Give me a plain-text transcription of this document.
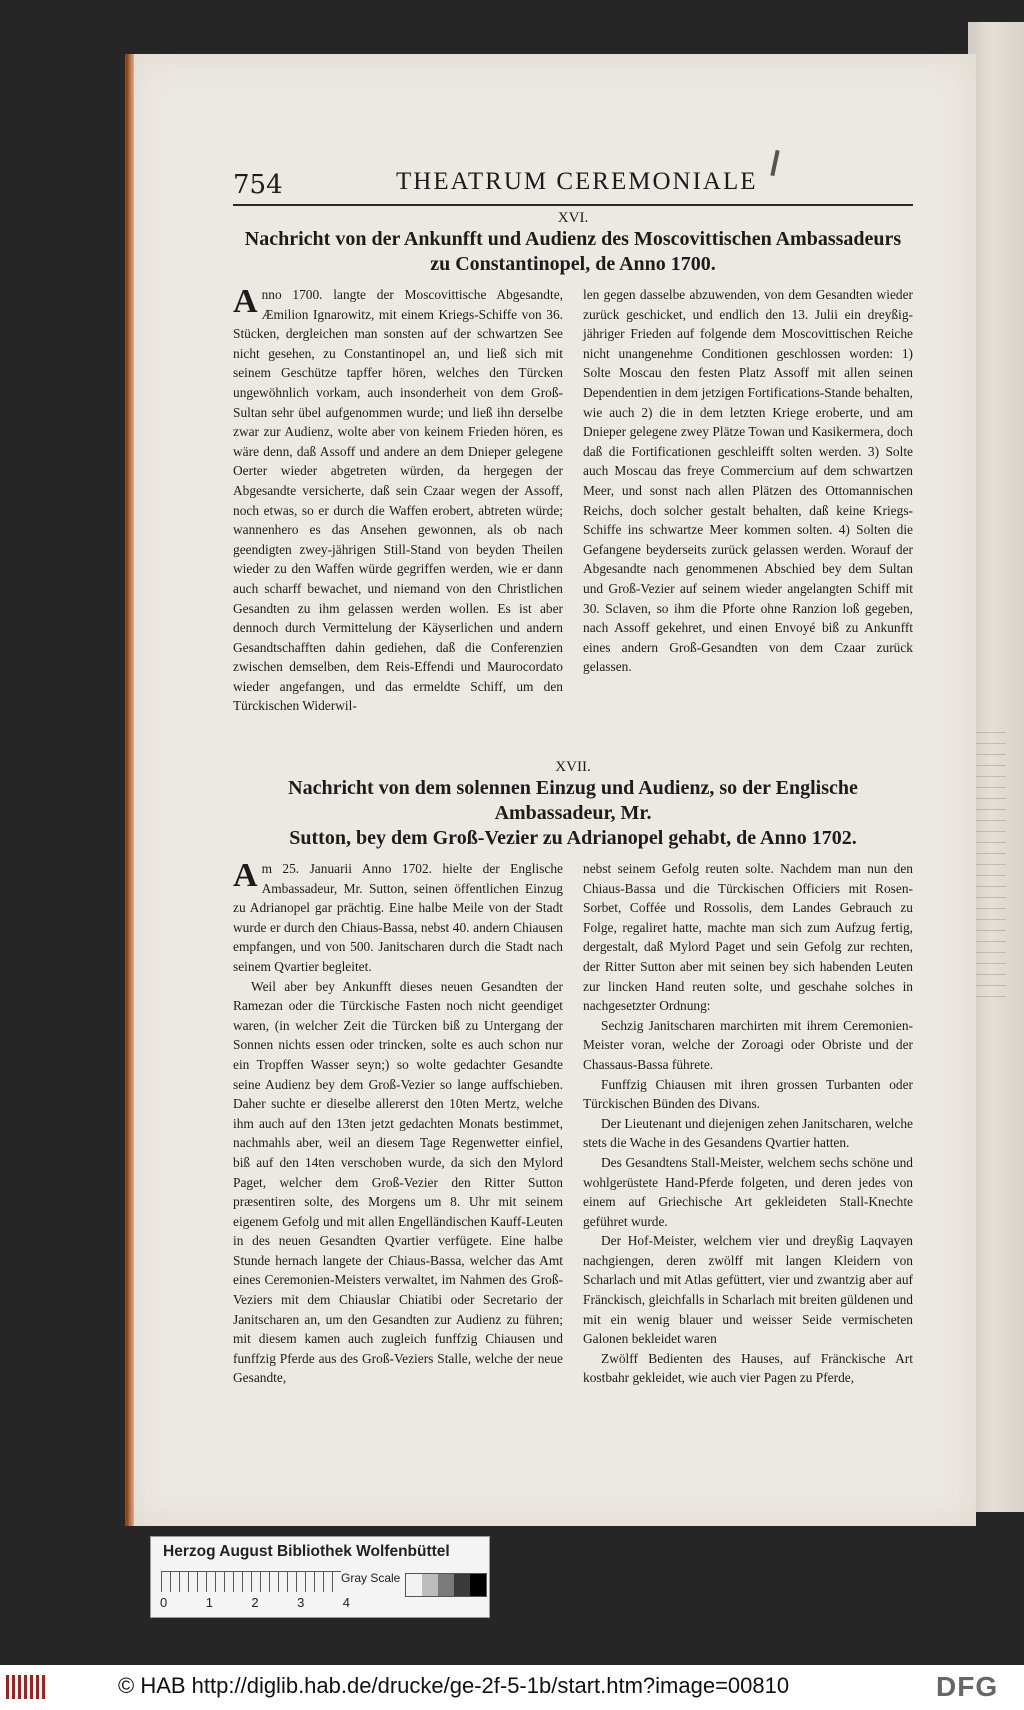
754	THEATRUM CEREMONIALE
XVI.
Nachricht von der Ankunfft und Audienz des Moscovittischen Ambassadeurs
zu Constantinopel, de Anno 1700.

Anno 1700. langte der Moscovittische Abgesandte, Æmilion Ignarowitz, mit einem Kriegs-Schiffe von 36. Stücken, dergleichen man sonsten auf der schwartzen See nicht gesehen, zu Constantinopel an, und ließ sich mit seinem Geschütze tapffer hören, welches den Türcken ungewöhnlich vorkam, auch insonderheit von dem Groß-Sultan sehr übel aufgenommen wurde; und ließ ihn derselbe zwar zur Audienz, wolte aber von keinem Frieden hören, es wäre denn, daß Assoff und andere an dem Dnieper gelegene Oerter wieder abgetreten würden, da hergegen der Abgesandte versicherte, daß sein Czaar wegen der Assoff, noch etwas, so er durch die Waffen erobert, abtreten würde; wannenhero es das Ansehen gewonnen, als ob nach geendigten zwey-jährigen Still-Stand von beyden Theilen wieder zu den Waffen würde gegriffen werden, wie er dann auch scharff bewachet, und niemand von den Christlichen Gesandten zu ihm gelassen werden wollen. Es ist aber dennoch durch Vermittelung der Käyserlichen und andern Gesandtschafften dahin gediehen, daß die Conferenzien zwischen demselben, dem Reis-Effendi und Maurocordato wieder angefangen, und das ermeldte Schiff, um den Türckischen Widerwil-

len gegen dasselbe abzuwenden, von dem Gesandten wieder zurück geschicket, und endlich den 13. Julii ein dreyßig-jähriger Frieden auf folgende dem Moscovittischen Reiche nicht unangenehme Conditionen geschlossen worden: 1) Solte Moscau den festen Platz Assoff mit allen seinen Dependentien in dem jetzigen Fortifications-Stande behalten, wie auch 2) die in dem letzten Kriege eroberte, und am Dnieper gelegene zwey Plätze Towan und Kasikermera, doch daß die Fortificationen geschleifft solten werden. 3) Solte auch Moscau das freye Commercium auf dem schwartzen Meer, und sonst nach allen Plätzen des Ottomannischen Reichs, doch solcher gestalt behalten, daß keine Kriegs-Schiffe ins schwartze Meer kommen solten. 4) Solten die Gefangene beyderseits zurück gelassen werden. Worauf der Abgesandte nach genommenen Abschied bey dem Sultan und Groß-Vezier auf seinem wieder angelangten Schiff mit 30. Sclaven, so ihm die Pforte ohne Ranzion loß gegeben, nach Assoff gekehret, und einen Envoyé biß zu Ankunfft eines andern Groß-Gesandten von dem Czaar zurück gelassen.

XVII.
Nachricht von dem solennen Einzug und Audienz, so der Englische Ambassadeur, Mr.
Sutton, bey dem Groß-Vezier zu Adrianopel gehabt, de Anno 1702.

Am 25. Januarii Anno 1702. hielte der Englische Ambassadeur, Mr. Sutton, seinen öffentlichen Einzug zu Adrianopel gar prächtig. Eine halbe Meile von der Stadt wurde er durch den Chiaus-Bassa, nebst 40. andern Chiausen empfangen, und von 500. Janitscharen durch die Stadt nach seinem Qvartier begleitet.

Weil aber bey Ankunfft dieses neuen Gesandten der Ramezan oder die Türckische Fasten noch nicht geendiget waren, (in welcher Zeit die Türcken biß zu Untergang der Sonnen nichts essen oder trincken, solte es auch schon nur ein Tropffen Wasser seyn;) so wolte gedachter Gesandte seine Audienz bey dem Groß-Vezier so lange auffschieben. Daher suchte er dieselbe allererst den 10ten Mertz, welche ihm auch auf den 13ten jetzt gedachten Monats bestimmet, nachmahls aber, weil an diesem Tage Regenwetter einfiel, biß auf den 14ten verschoben wurde, da sich den Mylord Paget, welcher dem Groß-Vezier den Ritter Sutton præsentiren solte, des Morgens um 8. Uhr mit seinem eigenem Gefolg und mit allen Engelländischen Kauff-Leuten in des neuen Gesandten Qvartier verfügete. Eine halbe Stunde hernach langete der Chiaus-Bassa, welcher das Amt eines Ceremonien-Meisters verwaltet, im Nahmen des Groß-Veziers mit dem Chiauslar Chiatibi oder Secretario der Janitscharen an, um den Gesandten zur Audienz zu führen; mit diesem kamen auch zugleich funffzig Chiausen und funffzig Pferde aus des Groß-Veziers Stalle, welche der neue Gesandte,

nebst seinem Gefolg reuten solte. Nachdem man nun den Chiaus-Bassa und die Türckischen Officiers mit Rosen-Sorbet, Coffée und Rossolis, dem Landes Gebrauch zu Folge, regaliret hatte, machte man sich zum Aufzug fertig, dergestalt, daß Mylord Paget und sein Gefolg zur rechten, der Ritter Sutton aber mit seinen bey sich habenden Leuten zur lincken Hand reuten solte, und geschahe solches in nachgesetzter Ordnung:

Sechzig Janitscharen marchirten mit ihrem Ceremonien-Meister voran, welche der Zoroagi oder Obriste und der Chassaus-Bassa führete.

Funffzig Chiausen mit ihren grossen Turbanten oder Türckischen Bünden des Divans.

Der Lieutenant und diejenigen zehen Janitscharen, welche stets die Wache in des Gesandens Qvartier hatten.

Des Gesandtens Stall-Meister, welchem sechs schöne und wohlgerüstete Hand-Pferde folgeten, und deren jedes von einem auf Griechische Art gekleideten Stall-Knechte geführet wurde.

Der Hof-Meister, welchem vier und dreyßig Laqvayen nachgiengen, deren zwölff mit langen Kleidern von Scharlach und mit Atlas gefüttert, vier und zwantzig aber auf Fränckisch, gleichfalls in Scharlach mit breiten güldenen und mit ein wenig blauer und weisser Seide vermischeten Galonen bekleidet waren

Zwölff Bedienten des Hauses, auf Fränckische Art kostbahr gekleidet, wie auch vier Pagen zu Pferde,

Herzog August Bibliothek Wolfenbüttel
0	1	2	3	4
Gray Scale
© HAB http://diglib.hab.de/drucke/ge-2f-5-1b/start.htm?image=00810	DFG
